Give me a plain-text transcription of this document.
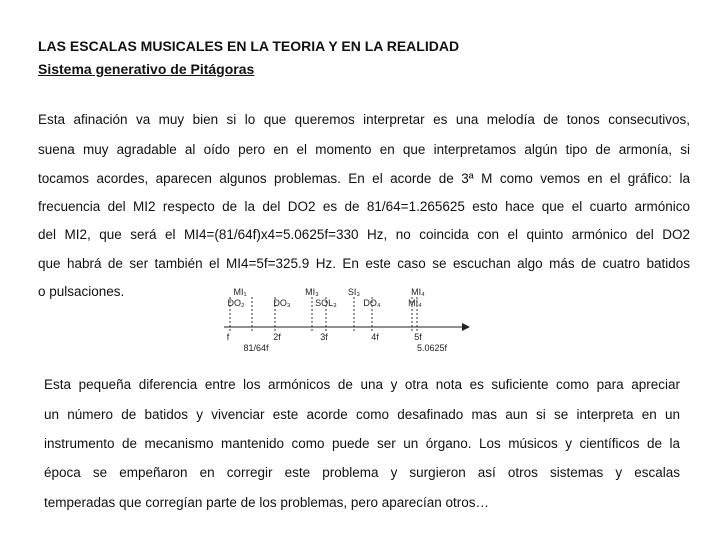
LAS ESCALAS MUSICALES EN LA TEORIA Y EN LA REALIDAD
Sistema generativo de Pitágoras
Esta afinación va muy bien si lo que queremos interpretar es una melodía de tonos consecutivos,
suena muy agradable al oído pero en el momento en que interpretamos algún tipo de armonía, si
tocamos acordes, aparecen algunos problemas. En el acorde de 3ª M como vemos en el gráfico: la
frecuencia del MI2 respecto de la del DO2 es de 81/64=1.265625 esto hace que el cuarto armónico
del MI2, que será el MI4=(81/64f)x4=5.0625f=330 Hz, no coincida con el quinto armónico del DO2
que habrá de ser también el MI4=5f=325.9 Hz. En este caso se escuchan algo más de cuatro batidos
o pulsaciones.	MI₁	MI₃	SI₃	MI₄
DO₂	DO₃	SOL₃	DO₄	MI₄
f	2f	3f	4f	5f
81/64f	5.0625f
Esta pequeña diferencia entre los armónicos de una y otra nota es suficiente como para apreciar
un número de batidos y vivenciar este acorde como desafinado mas aun si se interpreta en un
instrumento de mecanismo mantenido como puede ser un órgano. Los músicos y científicos de la
época se empeñaron en corregir este problema y surgieron así otros sistemas y escalas
temperadas que corregían parte de los problemas, pero aparecían otros…
